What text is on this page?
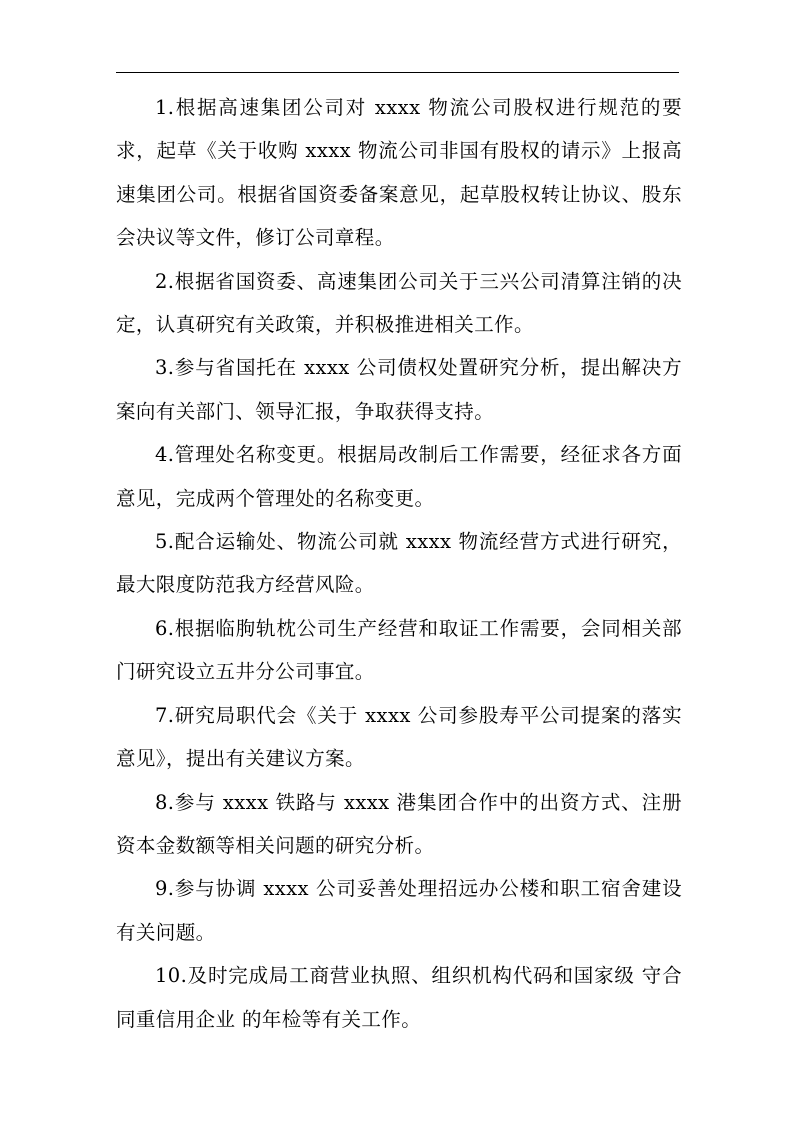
1.根据高速集团公司对 xxxx 物流公司股权进行规范的要求，起草《关于收购 xxxx 物流公司非国有股权的请示》上报高速集团公司。根据省国资委备案意见，起草股权转让协议、股东会决议等文件，修订公司章程。

2.根据省国资委、高速集团公司关于三兴公司清算注销的决定，认真研究有关政策，并积极推进相关工作。

3.参与省国托在 xxxx 公司债权处置研究分析，提出解决方案向有关部门、领导汇报，争取获得支持。

4.管理处名称变更。根据局改制后工作需要，经征求各方面意见，完成两个管理处的名称变更。

5.配合运输处、物流公司就 xxxx 物流经营方式进行研究，最大限度防范我方经营风险。

6.根据临朐轨枕公司生产经营和取证工作需要，会同相关部门研究设立五井分公司事宜。

7.研究局职代会《关于 xxxx 公司参股寿平公司提案的落实意见》，提出有关建议方案。

8.参与 xxxx 铁路与 xxxx 港集团合作中的出资方式、注册资本金数额等相关问题的研究分析。

9.参与协调 xxxx 公司妥善处理招远办公楼和职工宿舍建设有关问题。

10.及时完成局工商营业执照、组织机构代码和国家级 守合同重信用企业 的年检等有关工作。
